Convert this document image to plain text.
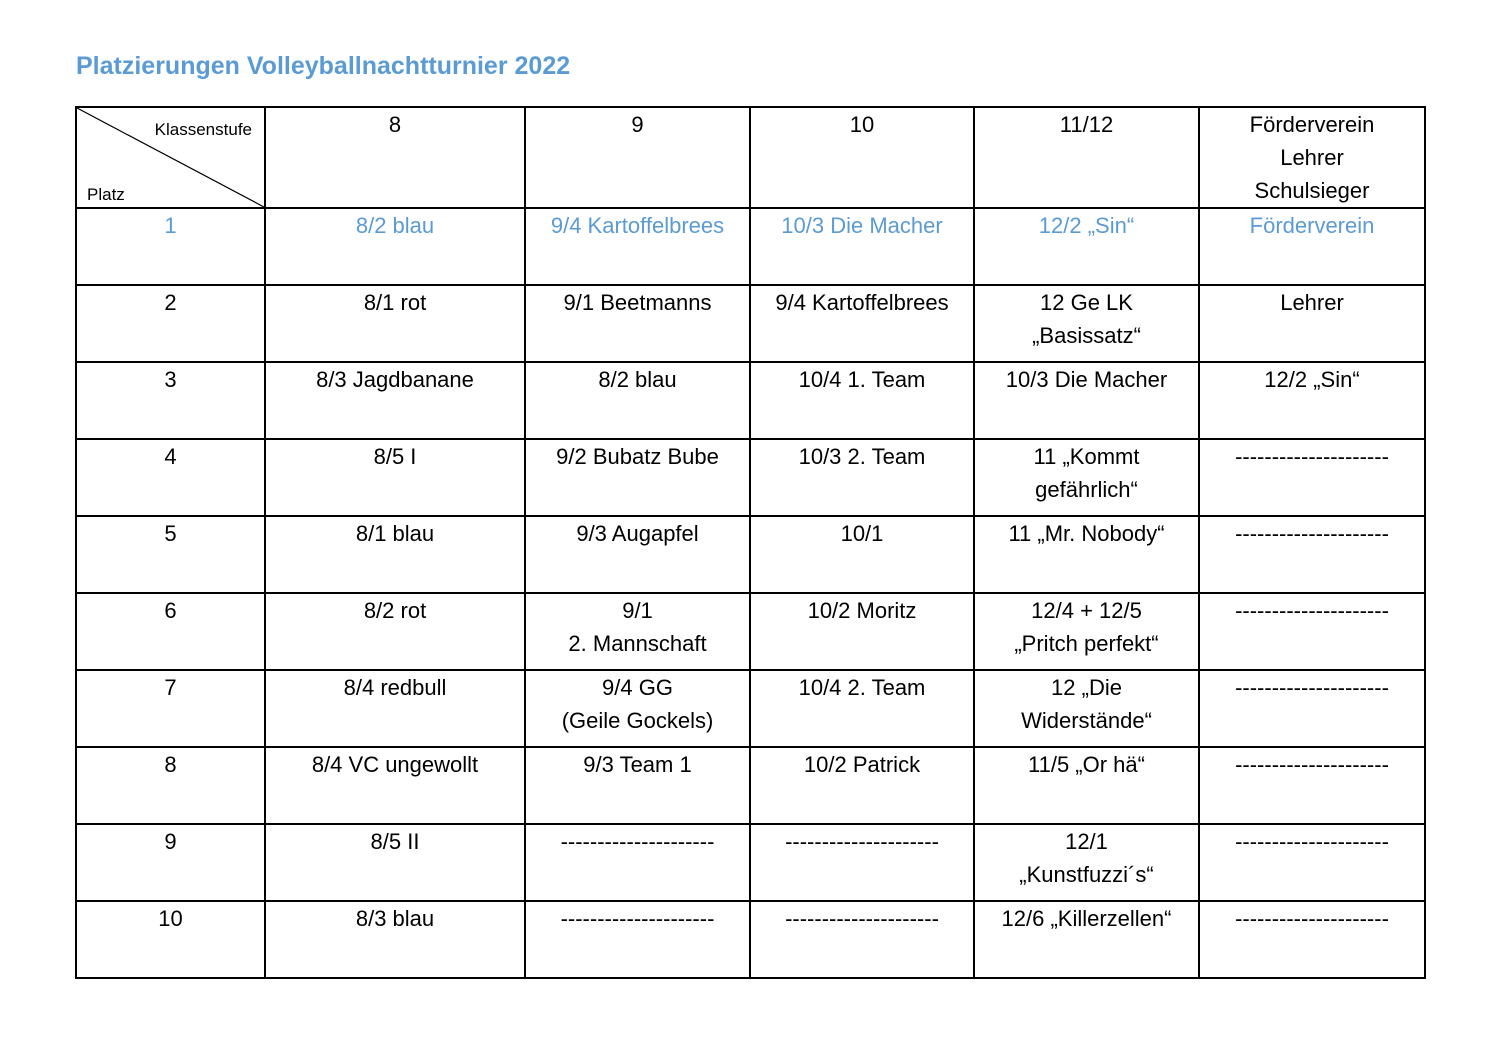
Platzierungen Volleyballnachtturnier 2022
Klassenstufe
Platz	8	9	10	11/12	Förderverein
Lehrer
Schulsieger

1	8/2 blau	9/4 Kartoffelbrees	10/3 Die Macher	12/2 „Sin“	Förderverein

2	8/1 rot	9/1 Beetmanns	9/4 Kartoffelbrees	12 Ge LK
„Basissatz“	Lehrer

3	8/3 Jagdbanane	8/2 blau	10/4 1. Team	10/3 Die Macher	12/2 „Sin“

4	8/5 I	9/2 Bubatz Bube	10/3 2. Team	11 „Kommt
gefährlich“	---------------------

5	8/1 blau	9/3 Augapfel	10/1	11 „Mr. Nobody“	---------------------

6	8/2 rot	9/1
2. Mannschaft	10/2 Moritz	12/4 + 12/5
„Pritch perfekt“	---------------------

7	8/4 redbull	9/4 GG
(Geile Gockels)	10/4 2. Team	12 „Die
Widerstände“	---------------------

8	8/4 VC ungewollt	9/3 Team 1	10/2 Patrick	11/5 „Or hä“	---------------------

9	8/5 II	---------------------	---------------------	12/1
„Kunstfuzzi´s“	---------------------

10	8/3 blau	---------------------	---------------------	12/6 „Killerzellen“	---------------------
